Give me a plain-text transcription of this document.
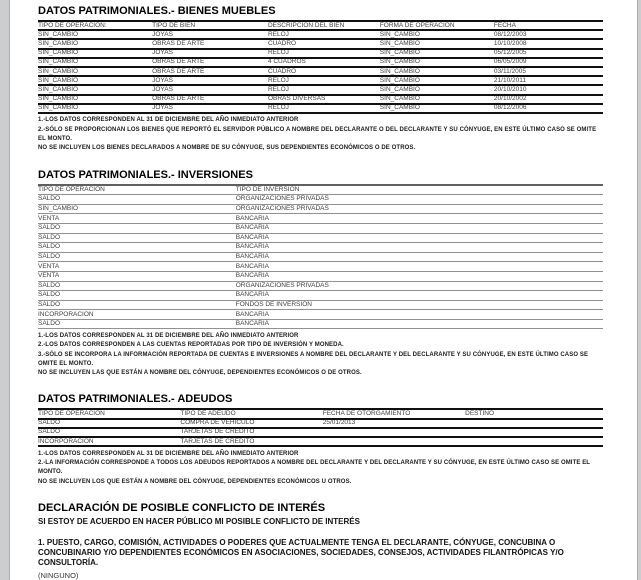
DATOS PATRIMONIALES.- BIENES MUEBLES
TIPO DE OPERACIÓN:	TIPO DE BIEN	DESCRIPCIÓN DEL BIEN	FORMA DE OPERACIÓN	FECHA
SIN_CAMBIO	JOYAS	RELOJ	SIN_CAMBIO	08/12/2003
SIN_CAMBIO	OBRAS DE ARTE	CUADRO	SIN_CAMBIO	10/10/2008
SIN_CAMBIO	JOYAS	RELOJ	SIN_CAMBIO	05/12/2005
SIN_CAMBIO	OBRAS DE ARTE	4 CUADROS	SIN_CAMBIO	06/05/2009
SIN_CAMBIO	OBRAS DE ARTE	CUADRO	SIN_CAMBIO	03/11/2005
SIN_CAMBIO	JOYAS	RELOJ	SIN_CAMBIO	21/10/2011
SIN_CAMBIO	JOYAS	RELOJ	SIN_CAMBIO	20/10/2010
SIN_CAMBIO	OBRAS DE ARTE	OBRAS DIVERSAS	SIN_CAMBIO	20/10/2002
SIN_CAMBIO	JOYAS	RELOJ	SIN_CAMBIO	08/12/2006
1.-LOS DATOS CORRESPONDEN AL 31 DE DICIEMBRE DEL AÑO INMEDIATO ANTERIOR
2.-SÓLO SE PROPORCIONAN LOS BIENES QUE REPORTÓ EL SERVIDOR PÚBLICO A NOMBRE DEL DECLARANTE O DEL DECLARANTE Y SU CÓNYUGE, EN ESTE ÚLTIMO CASO SE OMITE EL MONTO.
NO SE INCLUYEN LOS BIENES DECLARADOS A NOMBRE DE SU CÓNYUGE, SUS DEPENDIENTES ECONÓMICOS O DE OTROS.
DATOS PATRIMONIALES.- INVERSIONES
TIPO DE OPERACIÓN	TIPO DE INVERSIÓN
SALDO	ORGANIZACIONES PRIVADAS
SIN_CAMBIO	ORGANIZACIONES PRIVADAS
VENTA	BANCARIA
SALDO	BANCARIA
SALDO	BANCARIA
SALDO	BANCARIA
SALDO	BANCARIA
VENTA	BANCARIA
VENTA	BANCARIA
SALDO	ORGANIZACIONES PRIVADAS
SALDO	BANCARIA
SALDO	FONDOS DE INVERSION
INCORPORACION	BANCARIA
SALDO	BANCARIA
1.-LOS DATOS CORRESPONDEN AL 31 DE DICIEMBRE DEL AÑO INMEDIATO ANTERIOR
2.-LOS DATOS CORRESPONDEN A LAS CUENTAS REPORTADAS POR TIPO DE INVERSIÓN Y MONEDA.
3.-SÓLO SE INCORPORA LA INFORMACIÓN REPORTADA DE CUENTAS E INVERSIONES A NOMBRE DEL DECLARANTE Y DEL DECLARANTE Y SU CÓNYUGE, EN ESTE ÚLTIMO CASO SE OMITE EL MONTO.
NO SE INCLUYEN LAS QUE ESTÁN A NOMBRE DEL CÓNYUGE, DEPENDIENTES ECONÓMICOS O DE OTROS.
DATOS PATRIMONIALES.- ADEUDOS
TIPO DE OPERACIÓN	TIPO DE ADEUDO	FECHA DE OTORGAMIENTO	DESTINO
SALDO	COMPRA DE VEHICULO	25/01/2013
SALDO	TARJETAS DE CREDITO
INCORPORACION	TARJETAS DE CREDITO
1.-LOS DATOS CORRESPONDEN AL 31 DE DICIEMBRE DEL AÑO INMEDIATO ANTERIOR
2.-LA INFORMACIÓN CORRESPONDE A TODOS LOS ADEUDOS REPORTADOS A NOMBRE DEL DECLARANTE Y DEL DECLARANTE Y SU CÓNYUGE, EN ESTE ÚLTIMO CASO SE OMITE EL MONTO.
NO SE INCLUYEN LOS QUE ESTÁN A NOMBRE DEL CÓNYUGE, DEPENDIENTES ECONÓMICOS U OTROS.
DECLARACIÓN DE POSIBLE CONFLICTO DE INTERÉS
SI ESTOY DE ACUERDO EN HACER PÚBLICO MI POSIBLE CONFLICTO DE INTERÉS
1. PUESTO, CARGO, COMISIÓN, ACTIVIDADES O PODERES QUE ACTUALMENTE TENGA EL DECLARANTE, CÓNYUGE, CONCUBINA O CONCUBINARIO Y/O DEPENDIENTES ECONÓMICOS EN ASOCIACIONES, SOCIEDADES, CONSEJOS, ACTIVIDADES FILANTRÓPICAS Y/O CONSULTORÍA.
(NINGUNO)
